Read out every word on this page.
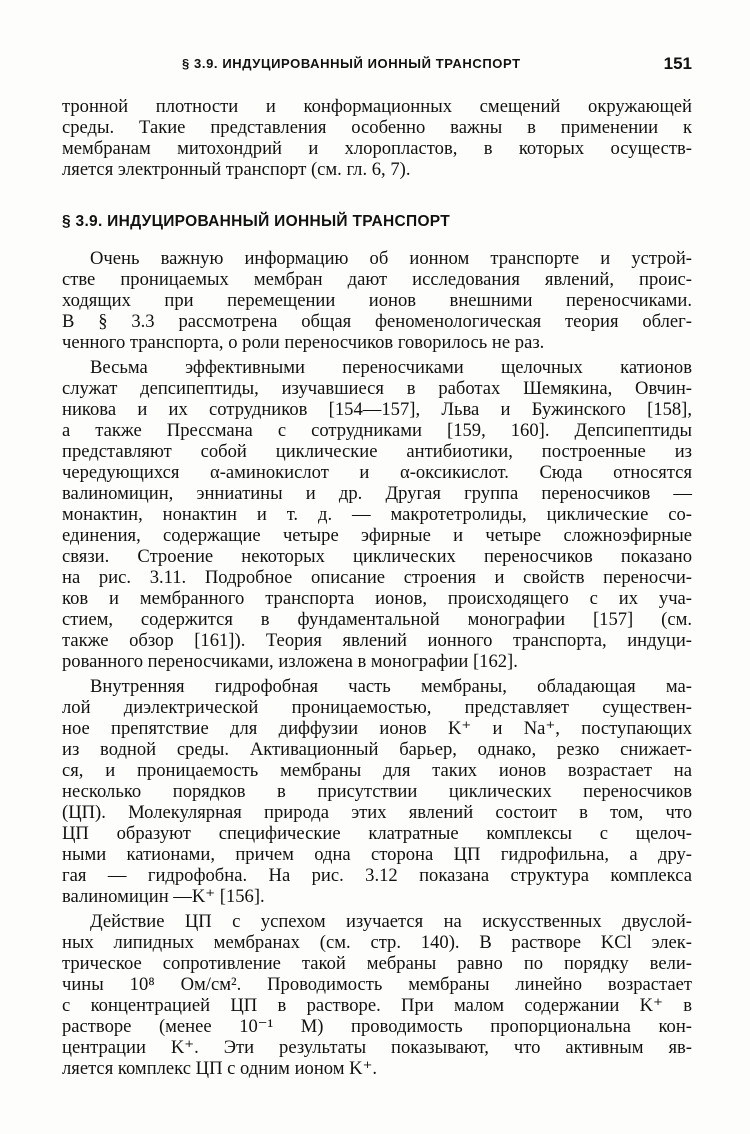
§ 3.9. ИНДУЦИРОВАННЫЙ ИОННЫЙ ТРАНСПОРТ	151
тронной плотности и конформационных смещений окружающей
среды. Такие представления особенно важны в применении к
мембранам митохондрий и хлоропластов, в которых осуществ-
ляется электронный транспорт (см. гл. 6, 7).
§ 3.9. ИНДУЦИРОВАННЫЙ ИОННЫЙ ТРАНСПОРТ
Очень важную информацию об ионном транспорте и устрой-
стве проницаемых мембран дают исследования явлений, проис-
ходящих при перемещении ионов внешними переносчиками.
В § 3.3 рассмотрена общая феноменологическая теория облег-
ченного транспорта, о роли переносчиков говорилось не раз.
Весьма эффективными переносчиками щелочных катионов
служат депсипептиды, изучавшиеся в работах Шемякина, Овчин-
никова и их сотрудников [154—157], Льва и Бужинского [158],
а также Прессмана с сотрудниками [159, 160]. Депсипептиды
представляют собой циклические антибиотики, построенные из
чередующихся α-аминокислот и α-оксикислот. Сюда относятся
валиномицин, энниатины и др. Другая группа переносчиков —
монактин, нонактин и т. д. — макротетролиды, циклические со-
единения, содержащие четыре эфирные и четыре сложноэфирные
связи. Строение некоторых циклических переносчиков показано
на рис. 3.11. Подробное описание строения и свойств переносчи-
ков и мембранного транспорта ионов, происходящего с их уча-
стием, содержится в фундаментальной монографии [157] (см.
также обзор [161]). Теория явлений ионного транспорта, индуци-
рованного переносчиками, изложена в монографии [162].
Внутренняя гидрофобная часть мембраны, обладающая ма-
лой диэлектрической проницаемостью, представляет существен-
ное препятствие для диффузии ионов K⁺ и Na⁺, поступающих
из водной среды. Активационный барьер, однако, резко снижает-
ся, и проницаемость мембраны для таких ионов возрастает на
несколько порядков в присутствии циклических переносчиков
(ЦП). Молекулярная природа этих явлений состоит в том, что
ЦП образуют специфические клатратные комплексы с щелоч-
ными катионами, причем одна сторона ЦП гидрофильна, а дру-
гая — гидрофобна. На рис. 3.12 показана структура комплекса
валиномицин —K⁺ [156].
Действие ЦП с успехом изучается на искусственных двуслой-
ных липидных мембранах (см. стр. 140). В растворе KCl элек-
трическое сопротивление такой мебраны равно по порядку вели-
чины 10⁸ Ом/см². Проводимость мембраны линейно возрастает
с концентрацией ЦП в растворе. При малом содержании K⁺ в
растворе (менее 10⁻¹ М) проводимость пропорциональна кон-
центрации K⁺. Эти результаты показывают, что активным яв-
ляется комплекс ЦП с одним ионом K⁺.
